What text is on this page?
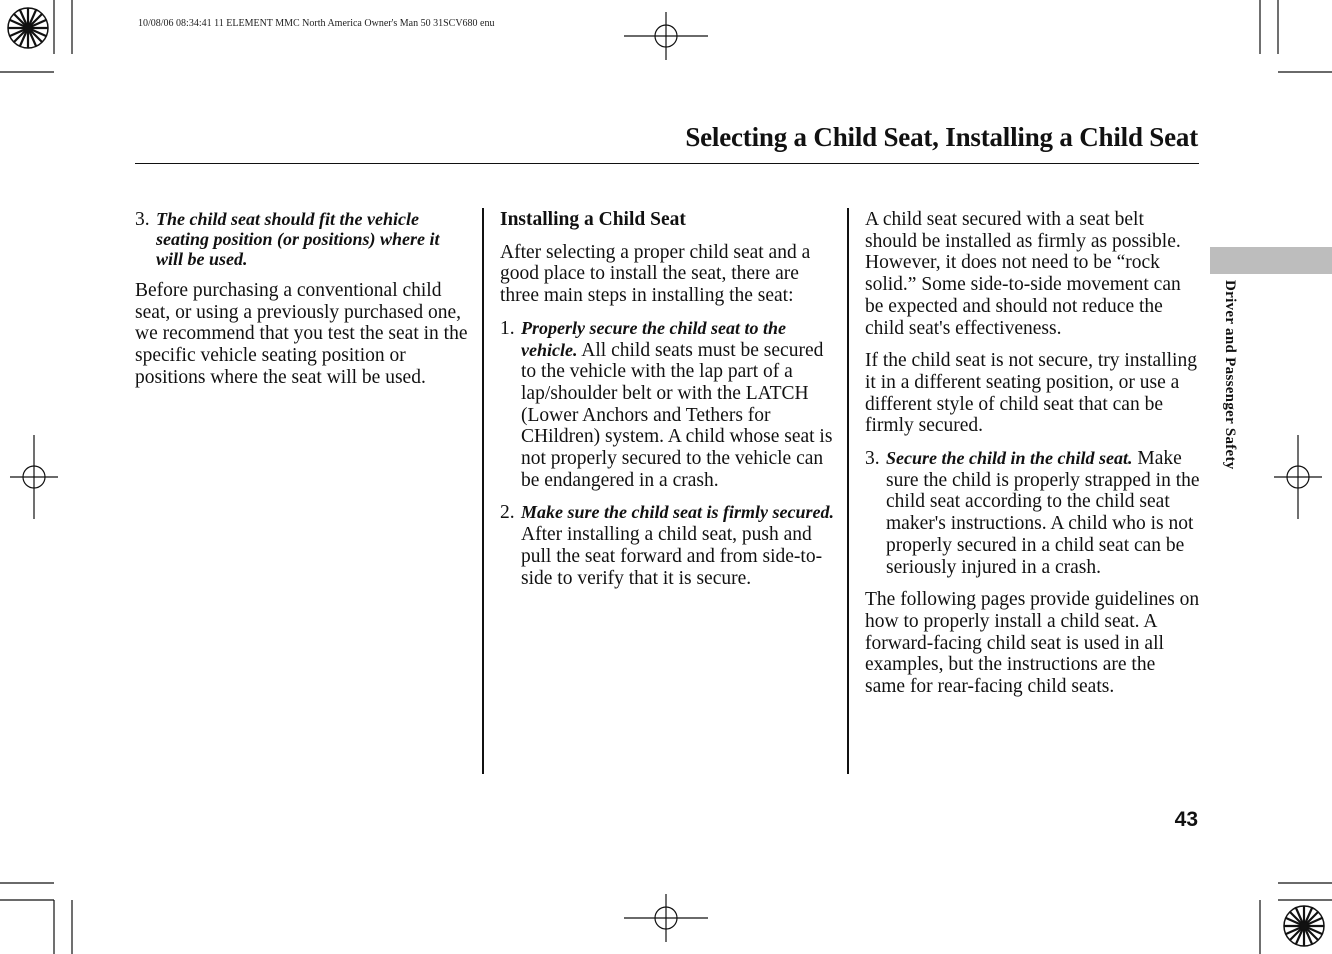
10/08/06 08:34:41 11 ELEMENT MMC North America Owner's Man 50 31SCV680 enu
Selecting a Child Seat, Installing a Child Seat
3. The child seat should fit the vehicle seating position (or positions) where it will be used.

Before purchasing a conventional child seat, or using a previously purchased one, we recommend that you test the seat in the specific vehicle seating position or positions where the seat will be used.

Installing a Child Seat

After selecting a proper child seat and a good place to install the seat, there are three main steps in installing the seat:

1. Properly secure the child seat to the vehicle. All child seats must be secured to the vehicle with the lap part of a lap/shoulder belt or with the LATCH (Lower Anchors and Tethers for CHildren) system. A child whose seat is not properly secured to the vehicle can be endangered in a crash.
2. Make sure the child seat is firmly secured. After installing a child seat, push and pull the seat forward and from side-to-side to verify that it is secure.

A child seat secured with a seat belt should be installed as firmly as possible. However, it does not need to be “rock solid.” Some side-to-side movement can be expected and should not reduce the child seat's effectiveness.

If the child seat is not secure, try installing it in a different seating position, or use a different style of child seat that can be firmly secured.

3. Secure the child in the child seat. Make sure the child is properly strapped in the child seat according to the child seat maker's instructions. A child who is not properly secured in a child seat can be seriously injured in a crash.

The following pages provide guidelines on how to properly install a child seat. A forward-facing child seat is used in all examples, but the instructions are the same for rear-facing child seats.

Driver and Passenger Safety
43
